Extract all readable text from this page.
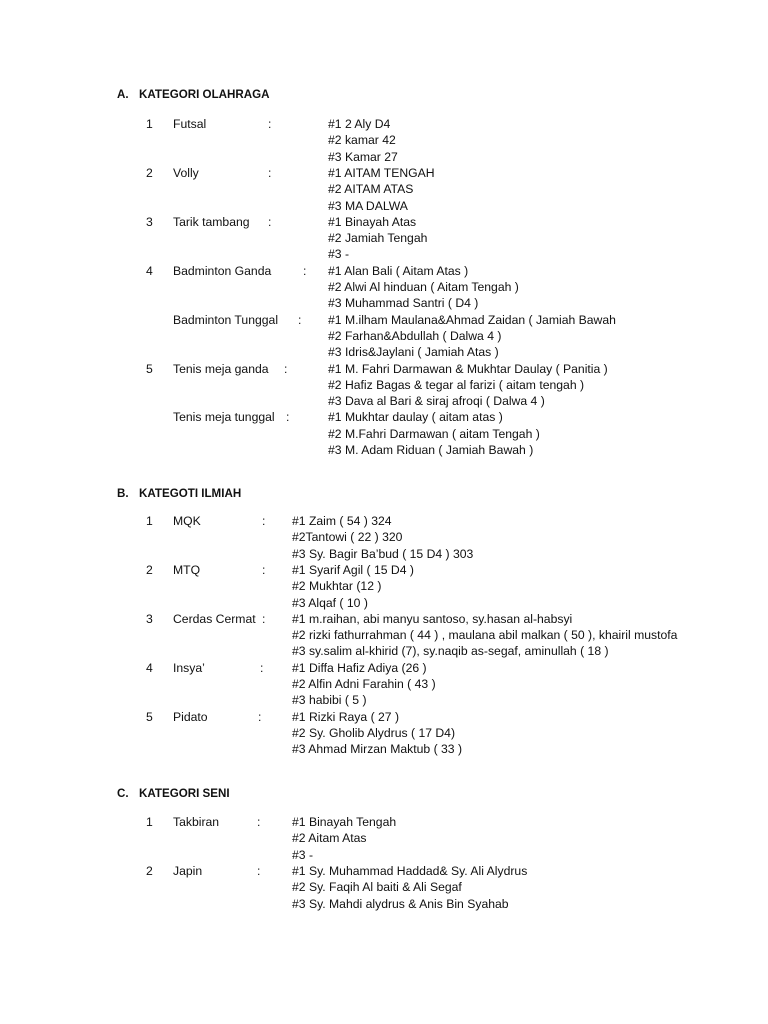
A. KATEGORI OLAHRAGA
1 Futsal	:	#1 2 Aly D4
#2 kamar 42
#3 Kamar 27
2 Volly	:	#1 AITAM TENGAH
#2 AITAM ATAS
#3 MA DALWA
3 Tarik tambang :	#1 Binayah Atas
#2 Jamiah Tengah
#3 -
4 Badminton Ganda	: #1 Alan Bali ( Aitam Atas )
#2 Alwi Al hinduan ( Aitam Tengah )
#3 Muhammad Santri ( D4 )
Badminton Tunggal : #1 M.ilham Maulana&Ahmad Zaidan ( Jamiah Bawah
#2 Farhan&Abdullah ( Dalwa 4 )
#3 Idris&Jaylani ( Jamiah Atas )
5 Tenis meja ganda :	#1 M. Fahri Darmawan & Mukhtar Daulay ( Panitia )
#2 Hafiz Bagas & tegar al farizi ( aitam tengah )
#3 Dava al Bari & siraj afroqi ( Dalwa 4 )
Tenis meja tunggal :	#1 Mukhtar daulay ( aitam atas )
#2 M.Fahri Darmawan ( aitam Tengah )
#3 M. Adam Riduan ( Jamiah Bawah )
B. KATEGOTI ILMIAH
1 MQK	: #1 Zaim ( 54 ) 324
#2Tantowi ( 22 ) 320
#3 Sy. Bagir Ba’bud ( 15 D4 ) 303
2 MTQ	: #1 Syarif Agil ( 15 D4 )
#2 Mukhtar (12 )
#3 Alqaf ( 10 )
3 Cerdas Cermat : #1 m.raihan, abi manyu santoso, sy.hasan al-habsyi
#2 rizki fathurrahman ( 44 ) , maulana abil malkan ( 50 ), khairil mustofa
#3 sy.salim al-khirid (7), sy.naqib as-segaf, aminullah ( 18 )
4 Insya’	: #1 Diffa Hafiz Adiya (26 )
#2 Alfin Adni Farahin ( 43 )
#3 habibi ( 5 )
5 Pidato	:	#1 Rizki Raya ( 27 )
#2 Sy. Gholib Alydrus ( 17 D4)
#3 Ahmad Mirzan Maktub ( 33 )
C. KATEGORI SENI
1 Takbiran	:	#1 Binayah Tengah
#2 Aitam Atas
#3 -
2 Japin	:	#1 Sy. Muhammad Haddad& Sy. Ali Alydrus
#2 Sy. Faqih Al baiti & Ali Segaf
#3 Sy. Mahdi alydrus & Anis Bin Syahab
